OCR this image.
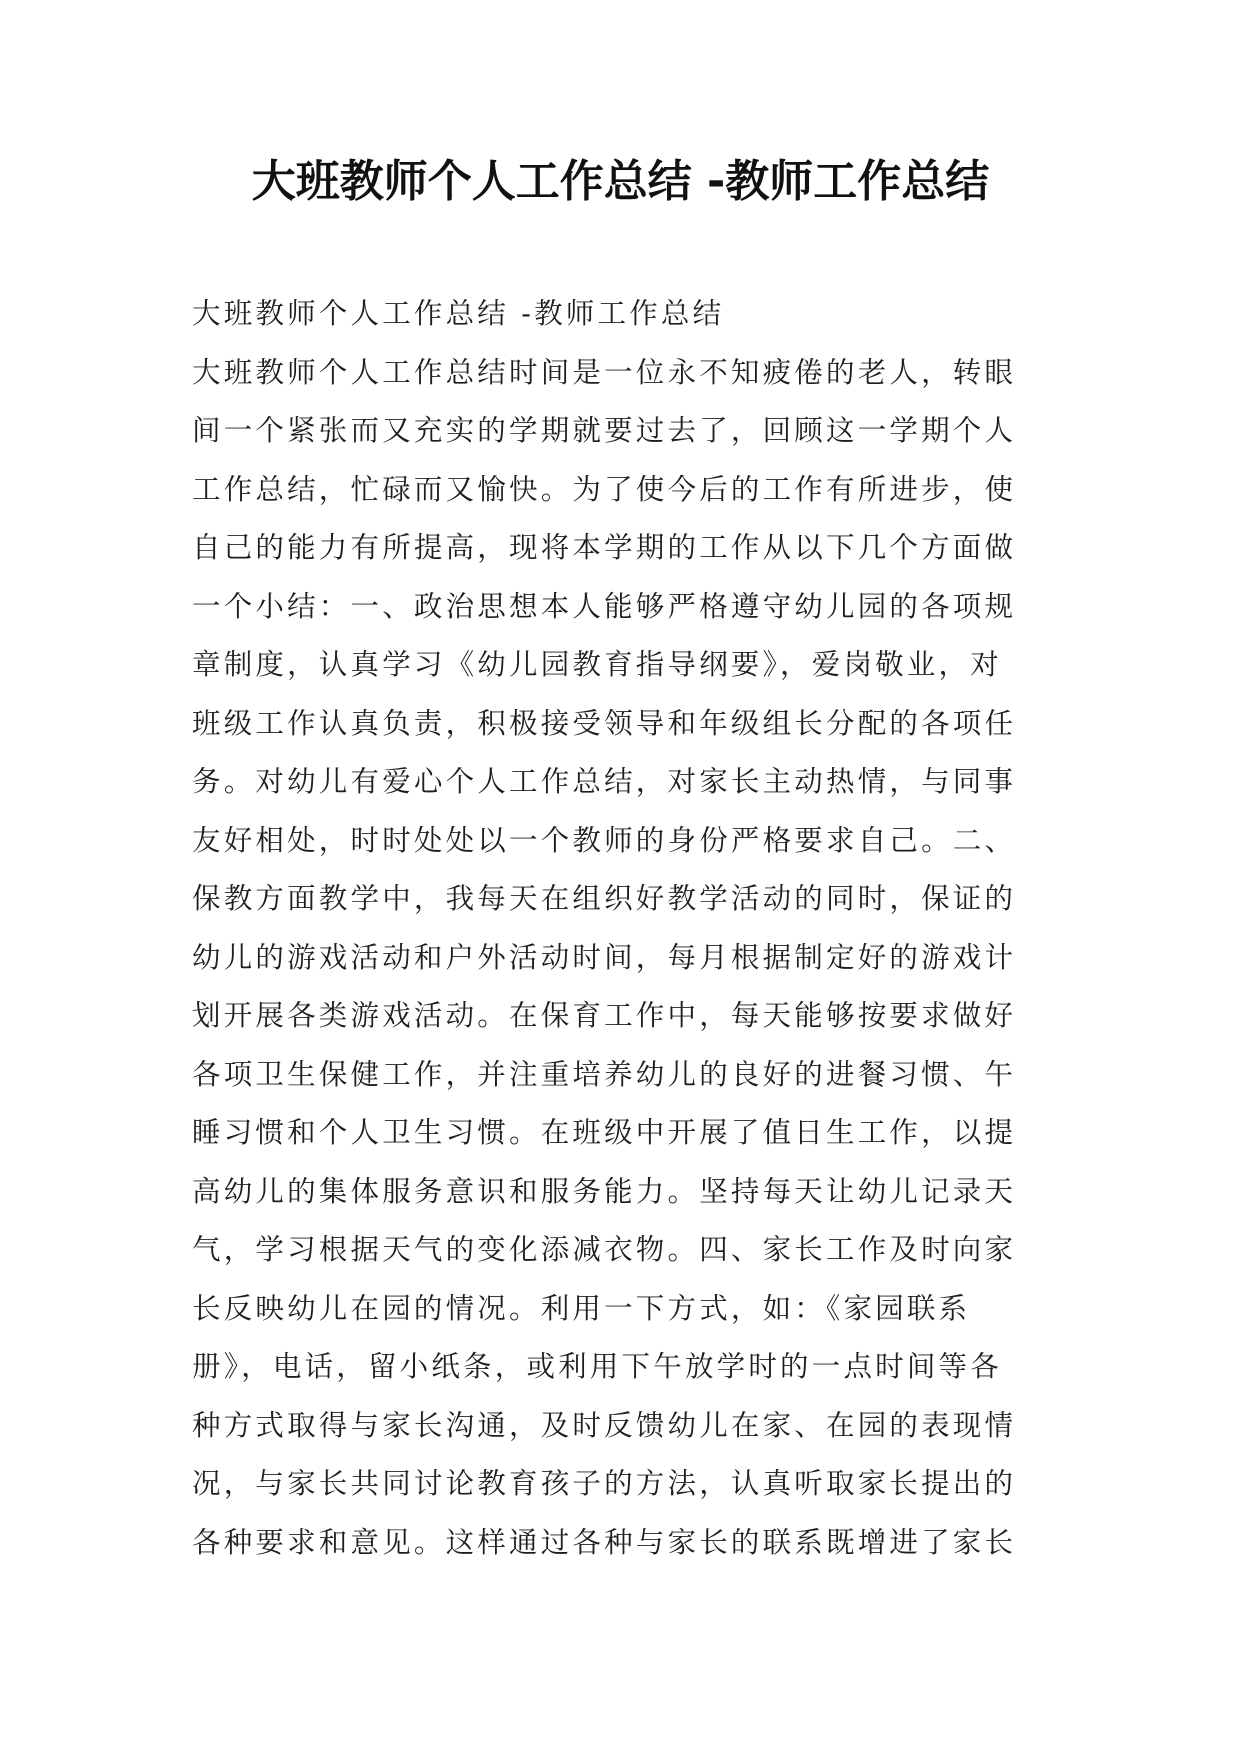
大班教师个人工作总结 -教师工作总结
大班教师个人工作总结 -教师工作总结
大班教师个人工作总结时间是一位永不知疲倦的老人，转眼
间一个紧张而又充实的学期就要过去了，回顾这一学期个人
工作总结，忙碌而又愉快。为了使今后的工作有所进步，使
自己的能力有所提高，现将本学期的工作从以下几个方面做
一个小结：一、政治思想本人能够严格遵守幼儿园的各项规
章制度，认真学习《幼儿园教育指导纲要》，爱岗敬业，对
班级工作认真负责，积极接受领导和年级组长分配的各项任
务。对幼儿有爱心个人工作总结，对家长主动热情，与同事
友好相处，时时处处以一个教师的身份严格要求自己。二、
保教方面教学中，我每天在组织好教学活动的同时，保证的
幼儿的游戏活动和户外活动时间，每月根据制定好的游戏计
划开展各类游戏活动。在保育工作中，每天能够按要求做好
各项卫生保健工作，并注重培养幼儿的良好的进餐习惯、午
睡习惯和个人卫生习惯。在班级中开展了值日生工作，以提
高幼儿的集体服务意识和服务能力。坚持每天让幼儿记录天
气，学习根据天气的变化添减衣物。四、家长工作及时向家
长反映幼儿在园的情况。利用一下方式，如：《家园联系
册》，电话，留小纸条，或利用下午放学时的一点时间等各
种方式取得与家长沟通，及时反馈幼儿在家、在园的表现情
况，与家长共同讨论教育孩子的方法，认真听取家长提出的
各种要求和意见。这样通过各种与家长的联系既增进了家长
